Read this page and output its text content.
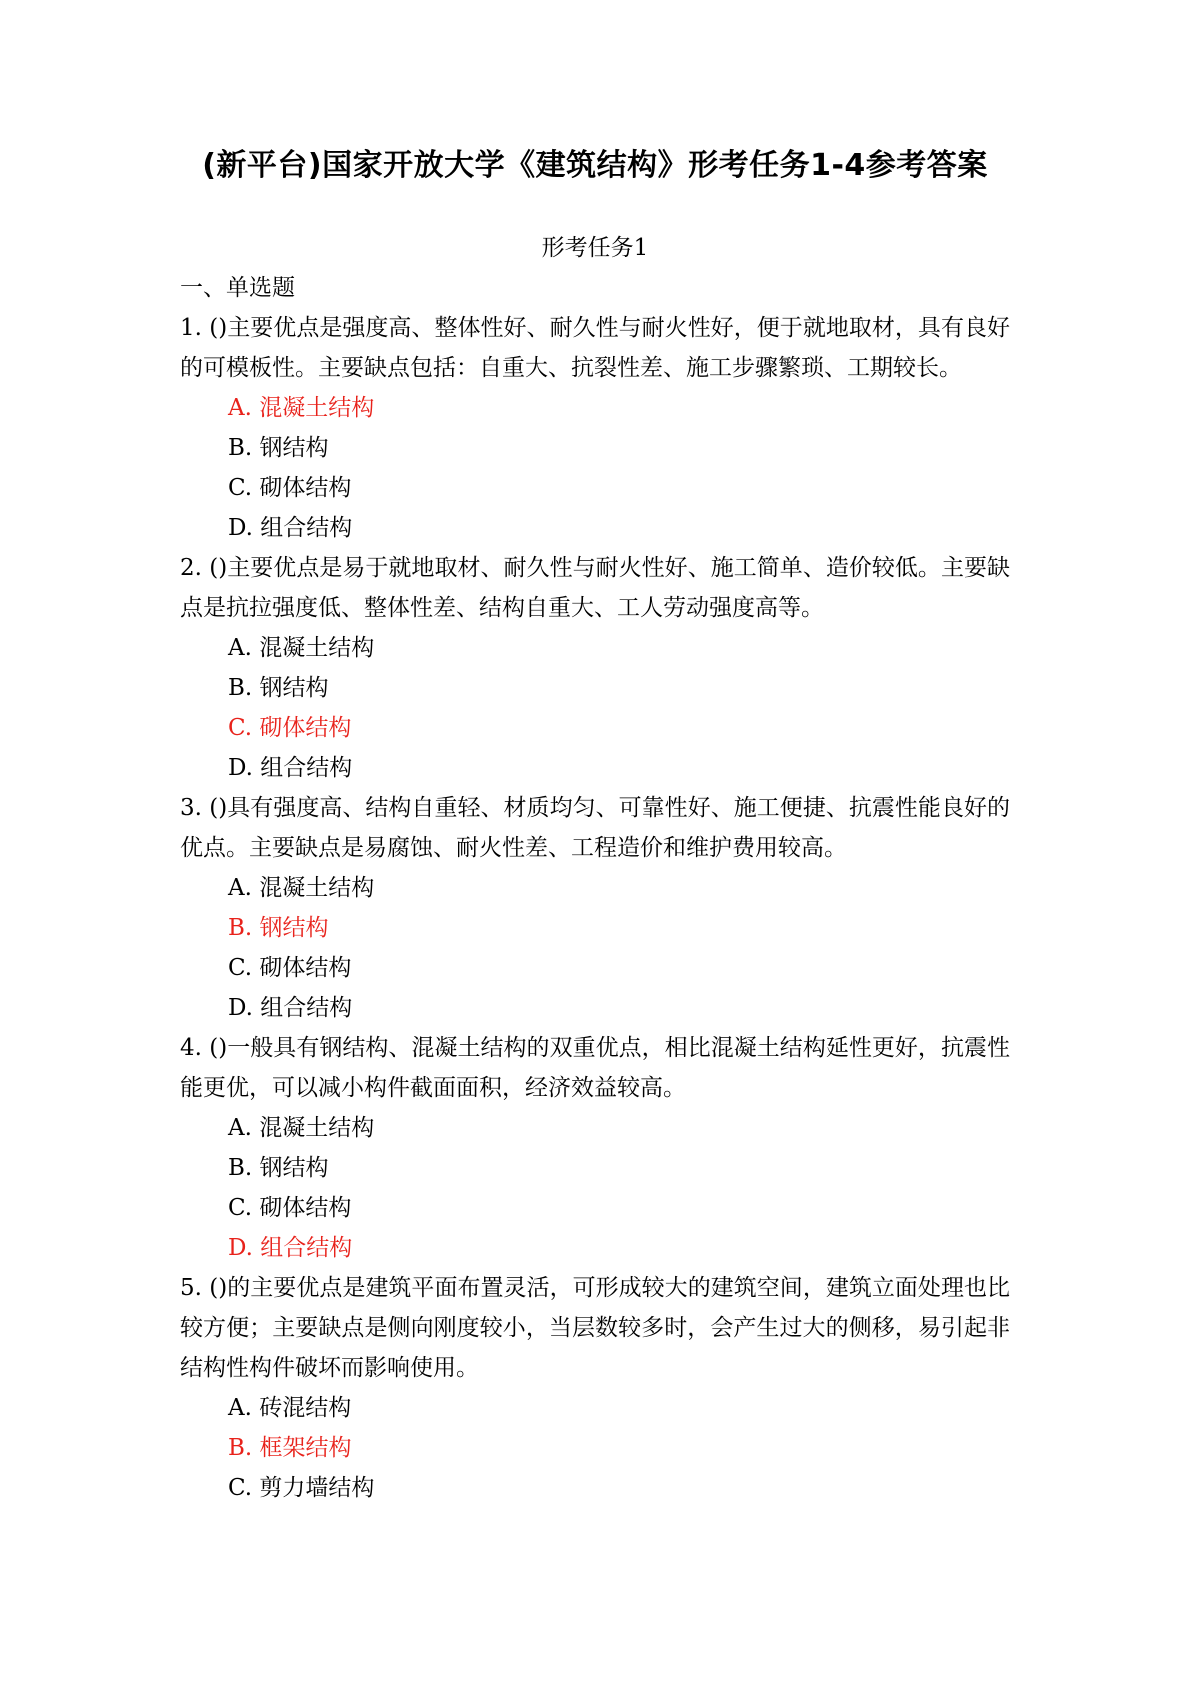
(新平台)国家开放大学《建筑结构》形考任务1-4参考答案
形考任务1
一、单选题
1. ()主要优点是强度高、整体性好、耐久性与耐火性好，便于就地取材，具有良好的可模板性。主要缺点包括：自重大、抗裂性差、施工步骤繁琐、工期较长。
A. 混凝土结构
B. 钢结构
C. 砌体结构
D. 组合结构
2. ()主要优点是易于就地取材、耐久性与耐火性好、施工简单、造价较低。主要缺点是抗拉强度低、整体性差、结构自重大、工人劳动强度高等。
A. 混凝土结构
B. 钢结构
C. 砌体结构
D. 组合结构
3. ()具有强度高、结构自重轻、材质均匀、可靠性好、施工便捷、抗震性能良好的优点。主要缺点是易腐蚀、耐火性差、工程造价和维护费用较高。
A. 混凝土结构
B. 钢结构
C. 砌体结构
D. 组合结构
4. ()一般具有钢结构、混凝土结构的双重优点，相比混凝土结构延性更好，抗震性能更优，可以减小构件截面面积，经济效益较高。
A. 混凝土结构
B. 钢结构
C. 砌体结构
D. 组合结构
5. ()的主要优点是建筑平面布置灵活，可形成较大的建筑空间，建筑立面处理也比较方便；主要缺点是侧向刚度较小，当层数较多时，会产生过大的侧移，易引起非结构性构件破坏而影响使用。
A. 砖混结构
B. 框架结构
C. 剪力墙结构
